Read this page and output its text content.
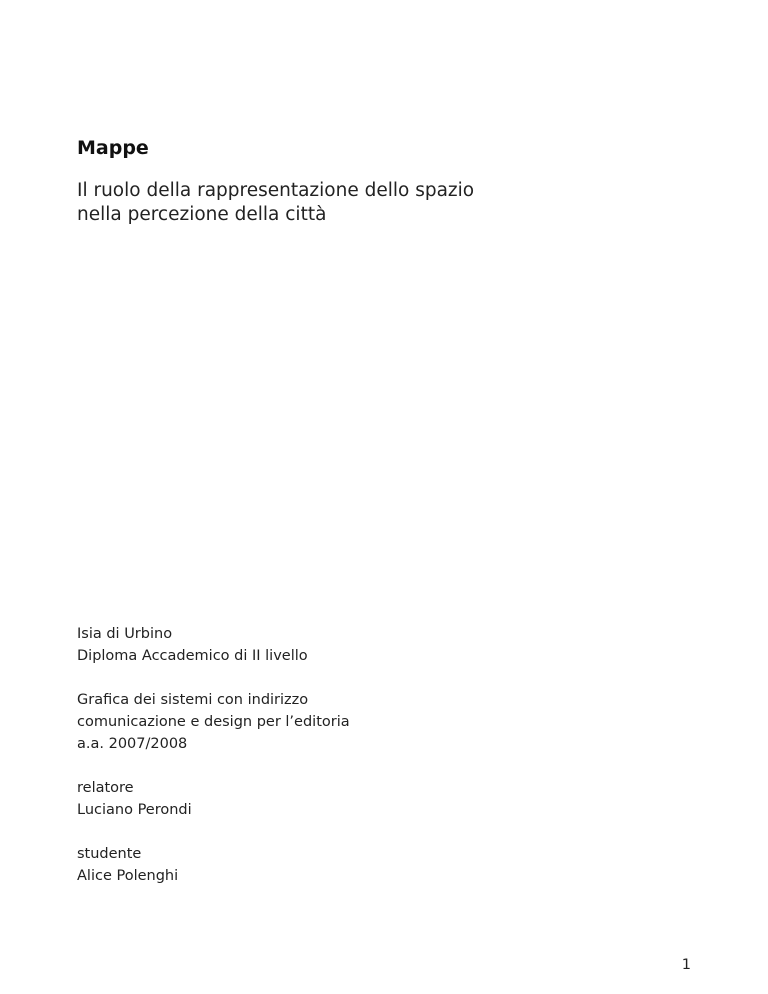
Mappe
Il ruolo della rappresentazione dello spazio
nella percezione della città
Isia di Urbino
Diploma Accademico di II livello
Grafica dei sistemi con indirizzo
comunicazione e design per l’editoria
a.a. 2007/2008
relatore
Luciano Perondi
studente
Alice Polenghi
1
